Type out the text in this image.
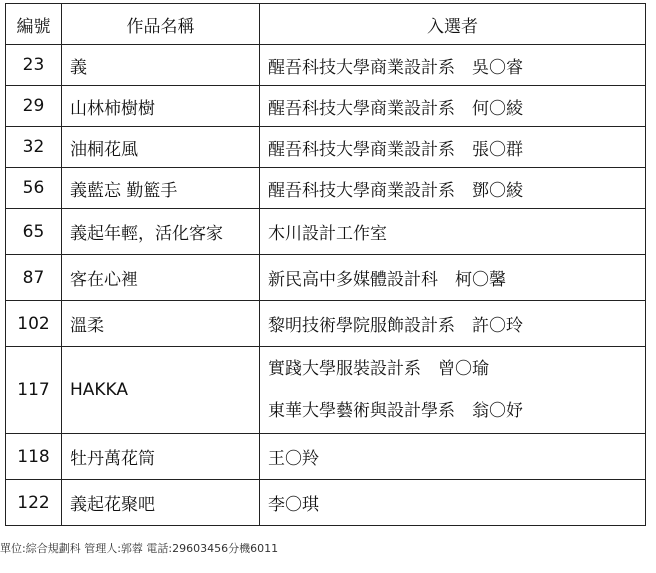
編號	作品名稱	入選者
23	義	醒吾科技大學商業設計系　吳〇睿
29	山林柿樹樹	醒吾科技大學商業設計系　何〇綾
32	油桐花風	醒吾科技大學商業設計系　張〇群
56	義藍忘 勤籃手	醒吾科技大學商業設計系　鄧〇綾
65	義起年輕，活化客家	木川設計工作室
87	客在心裡	新民高中多媒體設計科　柯〇馨
102	溫柔	黎明技術學院服飾設計系　許〇玲
117	HAKKA	實踐大學服裝設計系　曾〇瑜
東華大學藝術與設計學系　翁〇妤

118	牡丹萬花筒	王〇羚
122	義起花聚吧	李〇琪
單位:綜合規劃科 管理人:郭蓉 電話:29603456分機6011
